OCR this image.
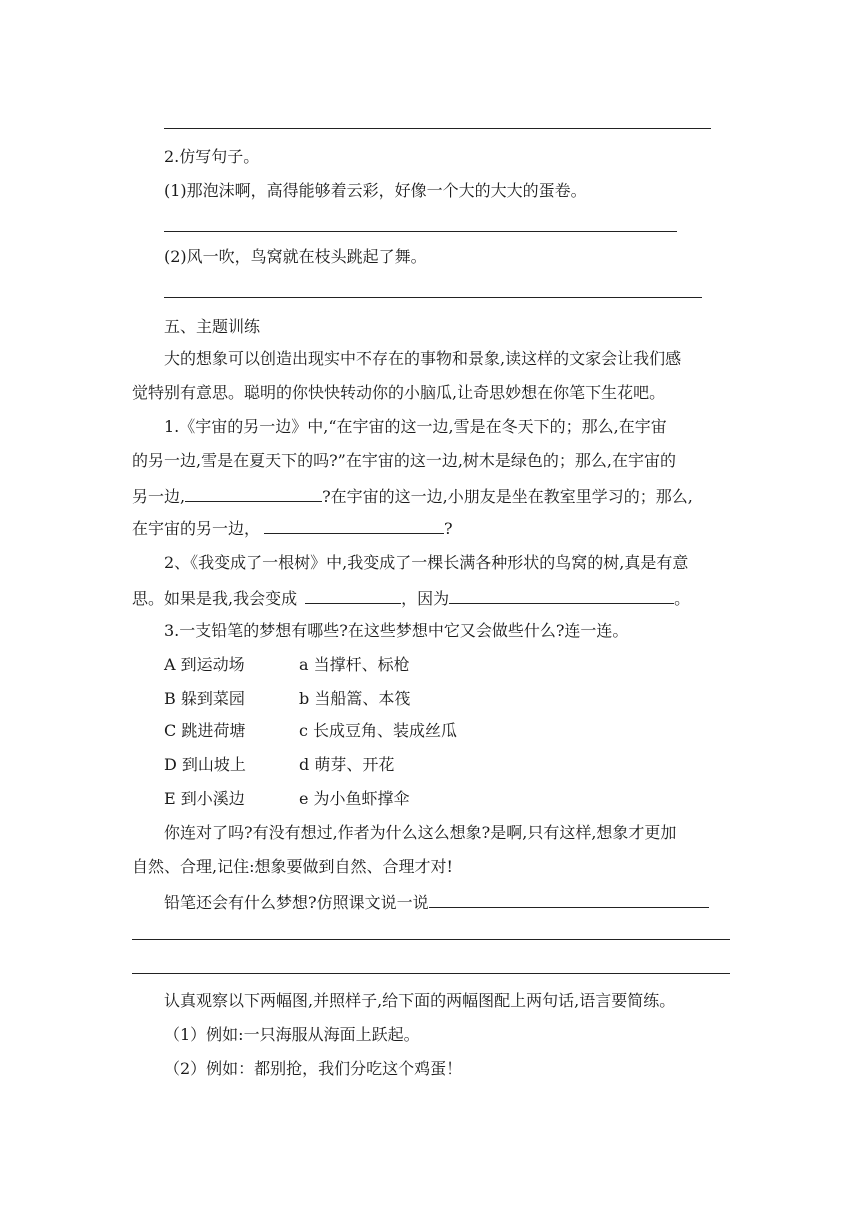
2.仿写句子。
(1)那泡沫啊，高得能够着云彩，好像一个大的大大的蛋卷。
(2)风一吹，鸟窝就在枝头跳起了舞。
五、主题训练
大的想象可以创造出现实中不存在的事物和景象,读这样的文家会让我们感
觉特别有意思。聪明的你快快转动你的小脑瓜,让奇思妙想在你笔下生花吧。
1.《宇宙的另一边》中,“在宇宙的这一边,雪是在冬天下的；那么,在宇宙
的另一边,雪是在夏天下的吗?”在宇宙的这一边,树木是绿色的；那么,在宇宙的
另一边,	?在宇宙的这一边,小朋友是坐在教室里学习的；那么,
在宇宙的另一边，	?
2、《我变成了一根树》中,我变成了一棵长满各种形状的鸟窝的树,真是有意
思。如果是我,我会变成	，因为	。
3.一支铅笔的梦想有哪些?在这些梦想中它又会做些什么?连一连。
A 到运动场	a 当撑杆、标枪
B 躲到菜园	b 当船篙、本筏
C 跳进荷塘	c 长成豆角、装成丝瓜
D 到山坡上	d 萌芽、开花
E 到小溪边	e 为小鱼虾撑伞
你连对了吗?有没有想过,作者为什么这么想象?是啊,只有这样,想象才更加
自然、合理,记住:想象要做到自然、合理才对!
铅笔还会有什么梦想?仿照课文说一说
认真观察以下两幅图,并照样子,给下面的两幅图配上两句话,语言要简练。
（1）例如:一只海服从海面上跃起。
（2）例如：都别抢，我们分吃这个鸡蛋！
